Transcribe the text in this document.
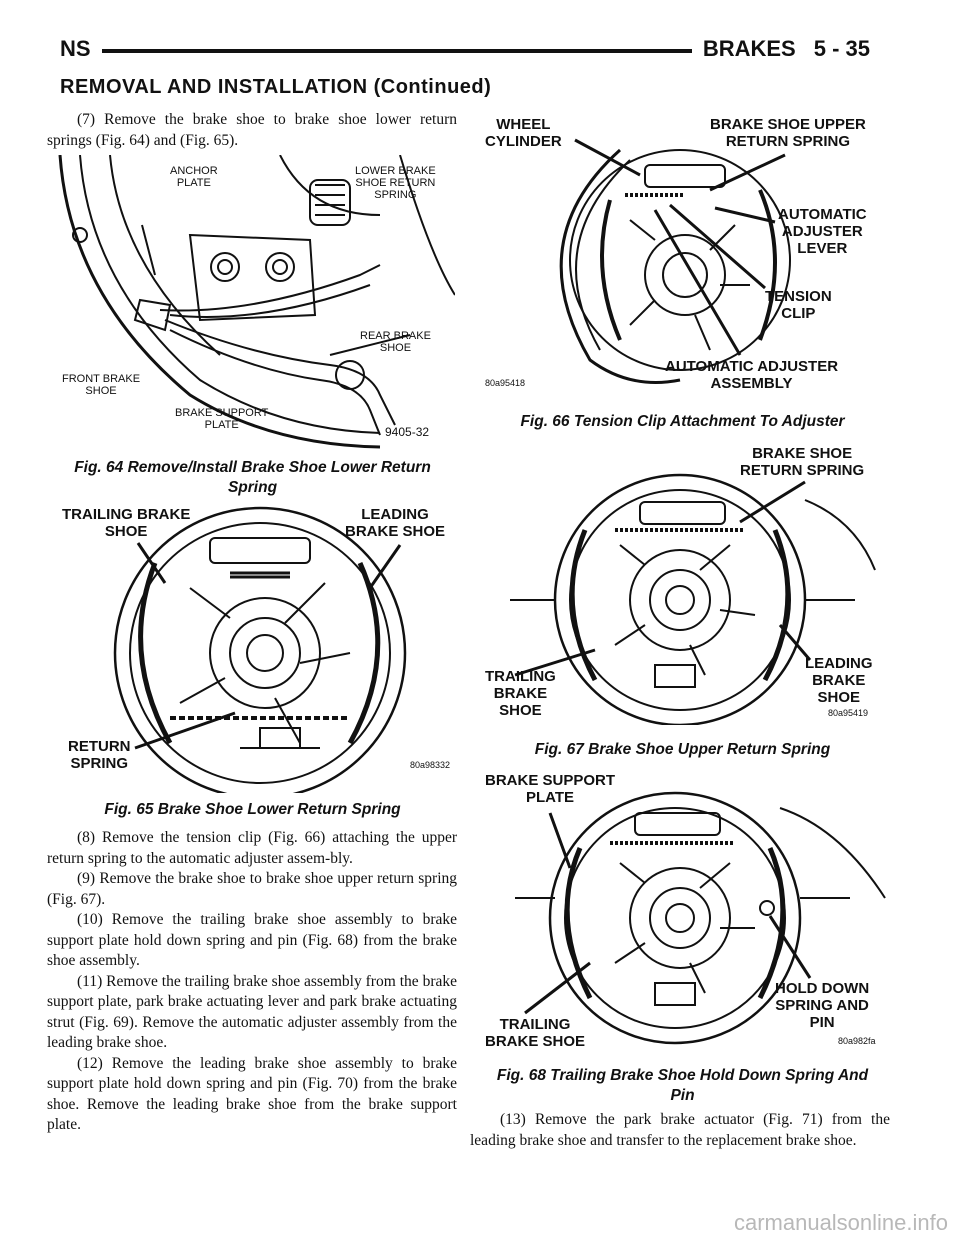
NS	BRAKES 5 - 35
REMOVAL AND INSTALLATION (Continued)

(7) Remove the brake shoe to brake shoe lower return springs (Fig. 64) and (Fig. 65).

ANCHOR
PLATE
LOWER BRAKE
SHOE RETURN
SPRING
REAR BRAKE
SHOE
FRONT BRAKE
SHOE
BRAKE SUPPORT
PLATE	9405-32
Fig. 64 Remove/Install Brake Shoe Lower Return
Spring
TRAILING BRAKE
SHOE
LEADING
BRAKE SHOE
RETURN
SPRING	80a98332
Fig. 65 Brake Shoe Lower Return Spring

(8) Remove the tension clip (Fig. 66) attaching the upper return spring to the automatic adjuster assem-bly.

(9) Remove the brake shoe to brake shoe upper return spring (Fig. 67).

(10) Remove the trailing brake shoe assembly to brake support plate hold down spring and pin (Fig. 68) from the brake shoe assembly.

(11) Remove the trailing brake shoe assembly from the brake support plate, park brake actuating lever and park brake actuating strut (Fig. 69). Remove the automatic adjuster assembly from the leading brake shoe.

(12) Remove the leading brake shoe assembly to brake support plate hold down spring and pin (Fig. 70) from the brake shoe. Remove the leading brake shoe from the brake support plate.

WHEEL
CYLINDER
BRAKE SHOE UPPER
RETURN SPRING
AUTOMATIC
ADJUSTER
LEVER
TENSION
CLIP
AUTOMATIC ADJUSTER
ASSEMBLY
80a95418
Fig. 66 Tension Clip Attachment To Adjuster
BRAKE SHOE
RETURN SPRING
TRAILING
BRAKE
SHOE
LEADING
BRAKE
SHOE
80a95419
Fig. 67 Brake Shoe Upper Return Spring
BRAKE SUPPORT
PLATE
HOLD DOWN
SPRING AND
PIN
TRAILING
BRAKE SHOE	80a982fa
Fig. 68 Trailing Brake Shoe Hold Down Spring And
Pin

(13) Remove the park brake actuator (Fig. 71) from the leading brake shoe and transfer to the replacement brake shoe.

carmanualsonline.info
